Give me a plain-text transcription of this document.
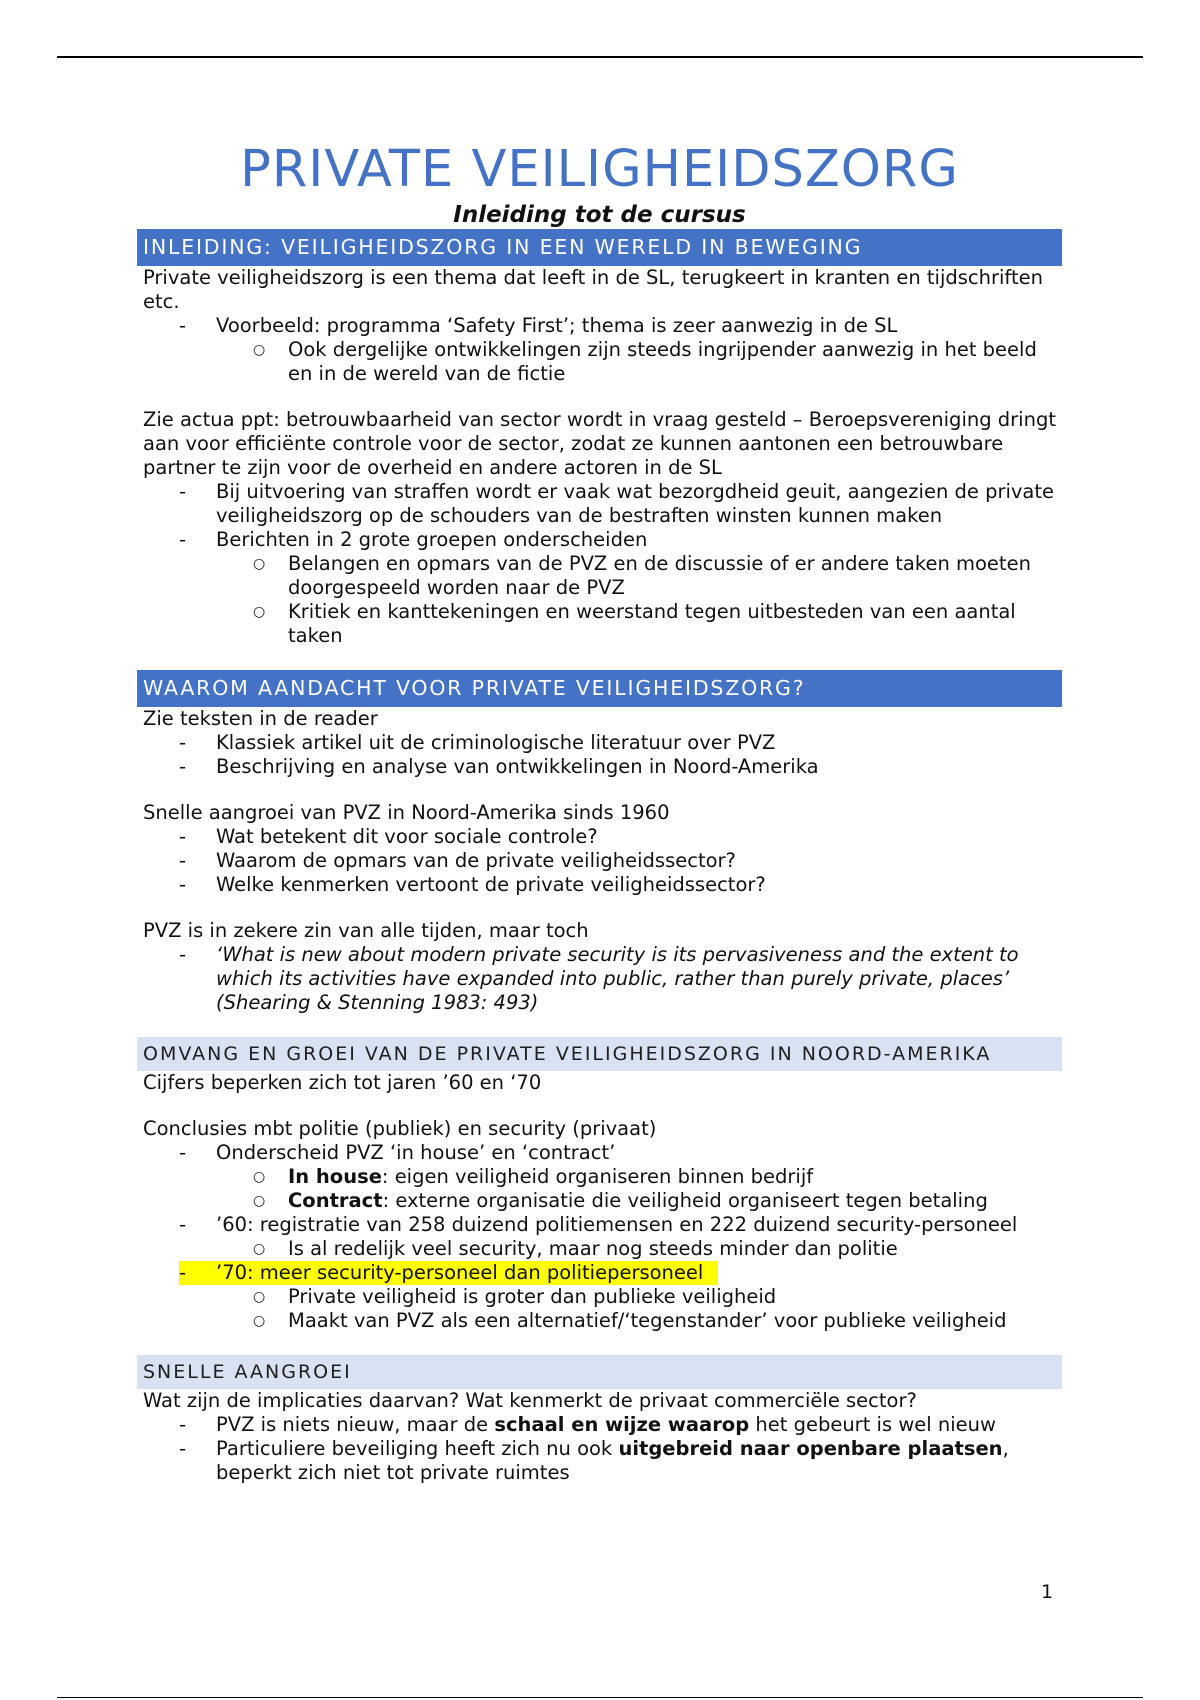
PRIVATE VEILIGHEIDSZORG
Inleiding tot de cursus
INLEIDING: VEILIGHEIDSZORG IN EEN WERELD IN BEWEGING
Private veiligheidszorg is een thema dat leeft in de SL, terugkeert in kranten en tijdschriften etc.
- Voorbeeld: programma ‘Safety First’; thema is zeer aanwezig in de SL
○ Ook dergelijke ontwikkelingen zijn steeds ingrijpender aanwezig in het beeld en in de wereld van de fictie
Zie actua ppt: betrouwbaarheid van sector wordt in vraag gesteld – Beroepsvereniging dringt aan voor efficiënte controle voor de sector, zodat ze kunnen aantonen een betrouwbare partner te zijn voor de overheid en andere actoren in de SL
- Bij uitvoering van straffen wordt er vaak wat bezorgdheid geuit, aangezien de private veiligheidszorg op de schouders van de bestraften winsten kunnen maken
- Berichten in 2 grote groepen onderscheiden
○ Belangen en opmars van de PVZ en de discussie of er andere taken moeten doorgespeeld worden naar de PVZ
○ Kritiek en kanttekeningen en weerstand tegen uitbesteden van een aantal taken
WAAROM AANDACHT VOOR PRIVATE VEILIGHEIDSZORG?
Zie teksten in de reader
- Klassiek artikel uit de criminologische literatuur over PVZ
- Beschrijving en analyse van ontwikkelingen in Noord-Amerika
Snelle aangroei van PVZ in Noord-Amerika sinds 1960
- Wat betekent dit voor sociale controle?
- Waarom de opmars van de private veiligheidssector?
- Welke kenmerken vertoont de private veiligheidssector?
PVZ is in zekere zin van alle tijden, maar toch
- ‘What is new about modern private security is its pervasiveness and the extent to which its activities have expanded into public, rather than purely private, places’ (Shearing & Stenning 1983: 493)
OMVANG EN GROEI VAN DE PRIVATE VEILIGHEIDSZORG IN NOORD-AMERIKA
Cijfers beperken zich tot jaren ’60 en ‘70
Conclusies mbt politie (publiek) en security (privaat)
- Onderscheid PVZ ‘in house’ en ‘contract’
○ In house: eigen veiligheid organiseren binnen bedrijf
○ Contract: externe organisatie die veiligheid organiseert tegen betaling
- ’60: registratie van 258 duizend politiemensen en 222 duizend security-personeel
○ Is al redelijk veel security, maar nog steeds minder dan politie
- ’70: meer security-personeel dan politiepersoneel
○ Private veiligheid is groter dan publieke veiligheid
○ Maakt van PVZ als een alternatief/‘tegenstander’ voor publieke veiligheid
SNELLE AANGROEI
Wat zijn de implicaties daarvan? Wat kenmerkt de privaat commerciële sector?
- PVZ is niets nieuw, maar de schaal en wijze waarop het gebeurt is wel nieuw
- Particuliere beveiliging heeft zich nu ook uitgebreid naar openbare plaatsen, beperkt zich niet tot private ruimtes
1
